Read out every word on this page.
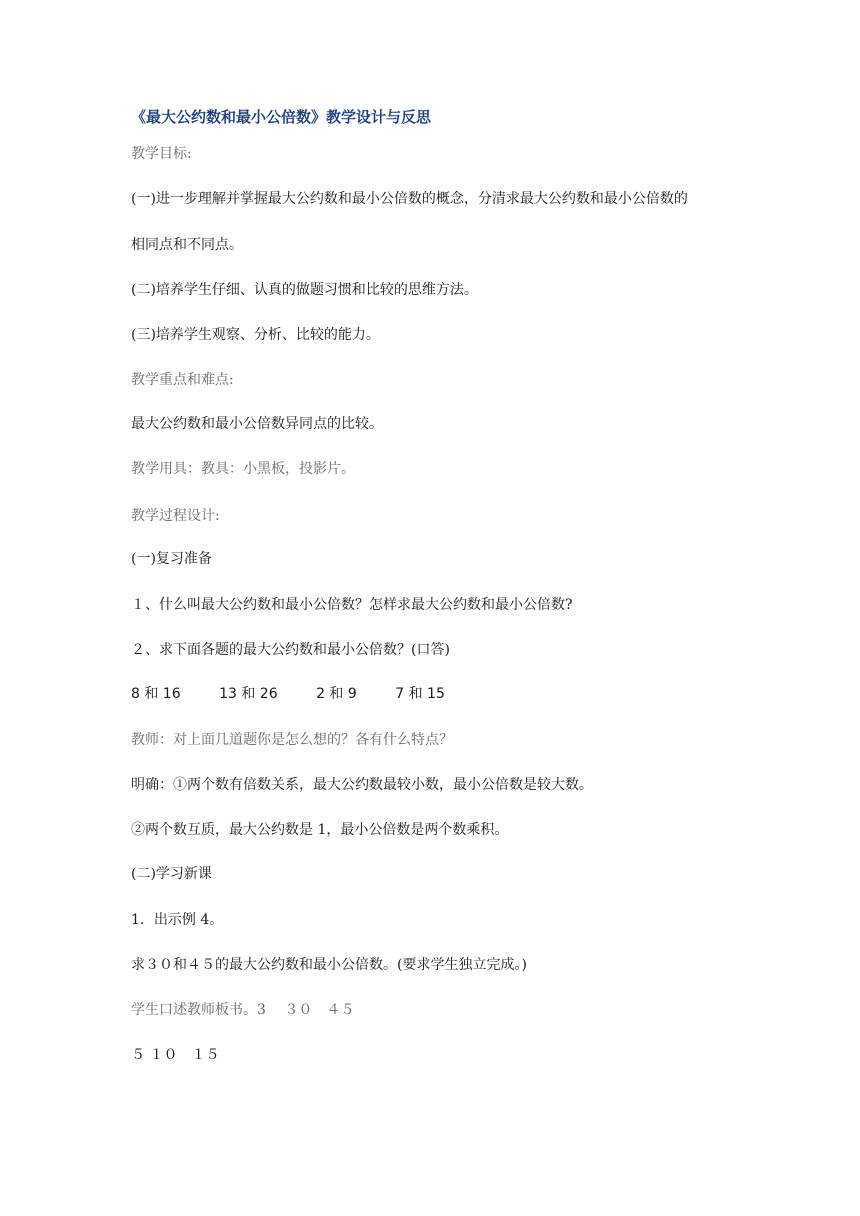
《最大公约数和最小公倍数》教学设计与反思
教学目标:
(一)进一步理解并掌握最大公约数和最小公倍数的概念，分清求最大公约数和最小公倍数的
相同点和不同点。
(二)培养学生仔细、认真的做题习惯和比较的思维方法。
(三)培养学生观察、分析、比较的能力。
教学重点和难点:
最大公约数和最小公倍数异同点的比较。
教学用具：教具：小黑板，投影片。
教学过程设计:
(一)复习准备
１、什么叫最大公约数和最小公倍数？怎样求最大公约数和最小公倍数?
２、求下面各题的最大公约数和最小公倍数？(口答)
8 和 16	13 和 26	2 和 9	7 和 15
教师：对上面几道题你是怎么想的？各有什么特点？
明确：①两个数有倍数关系，最大公约数最较小数，最小公倍数是较大数。
②两个数互质，最大公约数是 1，最小公倍数是两个数乘积。
(二)学习新课
1．出示例 4。
求３０和４５的最大公约数和最小公倍数。(要求学生独立完成。)
学生口述教师板书。3　 ３０　４５
５ １０　１５
